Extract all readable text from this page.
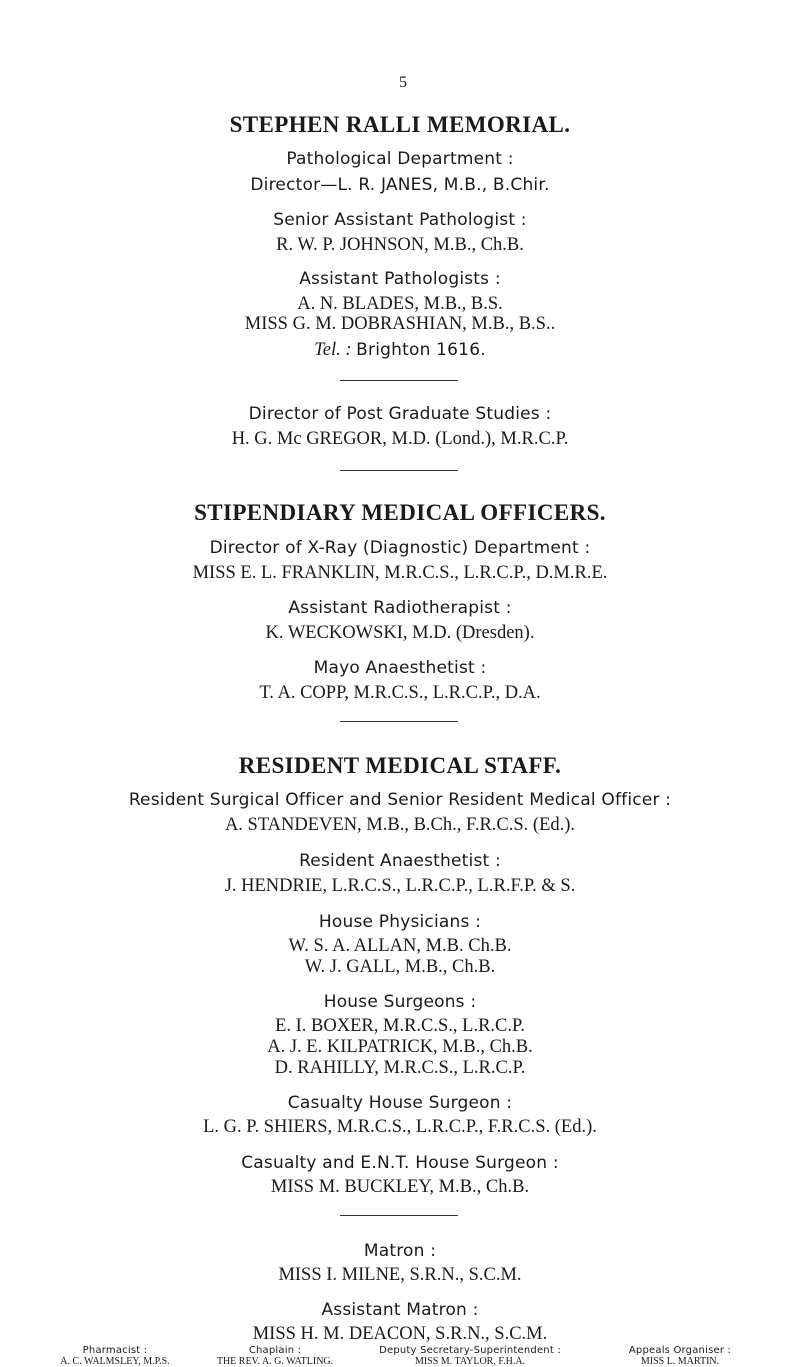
5
STEPHEN RALLI MEMORIAL.
Pathological Department :
Director—L. R. JANES, M.B., B.Chir.
Senior Assistant Pathologist :
R. W. P. JOHNSON, M.B., Ch.B.
Assistant Pathologists :
A. N. BLADES, M.B., B.S.
MISS G. M. DOBRASHIAN, M.B., B.S..
Tel. : Brighton 1616.
Director of Post Graduate Studies :
H. G. Mc GREGOR, M.D. (Lond.), M.R.C.P.
STIPENDIARY MEDICAL OFFICERS.
Director of X-Ray (Diagnostic) Department :
MISS E. L. FRANKLIN, M.R.C.S., L.R.C.P., D.M.R.E.
Assistant Radiotherapist :
K. WECKOWSKI, M.D. (Dresden).
Mayo Anaesthetist :
T. A. COPP, M.R.C.S., L.R.C.P., D.A.
RESIDENT MEDICAL STAFF.
Resident Surgical Officer and Senior Resident Medical Officer :
A. STANDEVEN, M.B., B.Ch., F.R.C.S. (Ed.).
Resident Anaesthetist :
J. HENDRIE, L.R.C.S., L.R.C.P., L.R.F.P. & S.
House Physicians :
W. S. A. ALLAN, M.B. Ch.B.
W. J. GALL, M.B., Ch.B.
House Surgeons :
E. I. BOXER, M.R.C.S., L.R.C.P.
A. J. E. KILPATRICK, M.B., Ch.B.
D. RAHILLY, M.R.C.S., L.R.C.P.
Casualty House Surgeon :
L. G. P. SHIERS, M.R.C.S., L.R.C.P., F.R.C.S. (Ed.).
Casualty and E.N.T. House Surgeon :
MISS M. BUCKLEY, M.B., Ch.B.
Matron :
MISS I. MILNE, S.R.N., S.C.M.
Assistant Matron :
MISS H. M. DEACON, S.R.N., S.C.M.
Pharmacist :
A. C. WALMSLEY, M.P.S.
Chaplain :
THE REV. A. G. WATLING.
Deputy Secretary-Superintendent :
MISS M. TAYLOR, F.H.A.
Appeals Organiser :
MISS L. MARTIN.
